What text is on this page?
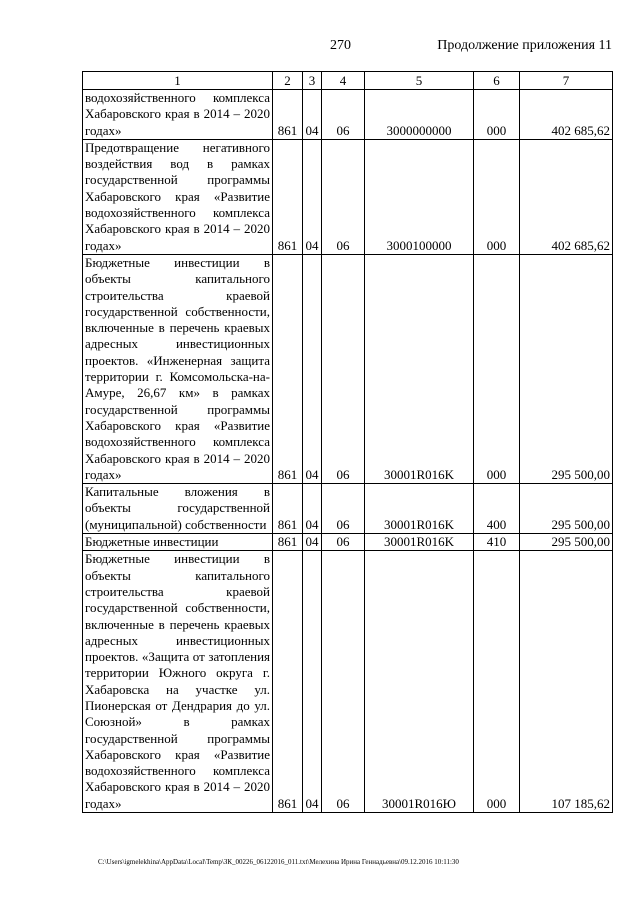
270	Продолжение приложения 11
1	2	3	4	5	6	7
водохозяйственного комплекса Хабаровского края в 2014 – 2020 годах»	861	04	06	3000000000	000	402 685,62
Предотвращение негативного воздействия вод в рамках государственной программы Хабаровского края «Развитие водохозяйственного комплекса Хабаровского края в 2014 – 2020 годах»	861	04	06	3000100000	000	402 685,62
Бюджетные инвестиции в объекты капитального строительства краевой государственной собственности, включенные в перечень краевых адресных инвестиционных проектов. «Инженерная защита территории г. Комсомольска-на-Амуре, 26,67 км» в рамках государственной программы Хабаровского края «Развитие водохозяйственного комплекса Хабаровского края в 2014 – 2020 годах»	861	04	06	30001R016K	000	295 500,00
Капитальные вложения в объекты государственной (муниципальной) собственности	861	04	06	30001R016K	400	295 500,00
Бюджетные инвестиции	861	04	06	30001R016K	410	295 500,00
Бюджетные инвестиции в объекты капитального строительства краевой государственной собственности, включенные в перечень краевых адресных инвестиционных проектов. «Защита от затопления территории Южного округа г. Хабаровска на участке ул. Пионерская от Дендрария до ул. Союзной» в рамках государственной программы Хабаровского края «Развитие водохозяйственного комплекса Хабаровского края в 2014 – 2020 годах»	861	04	06	30001R016Ю	000	107 185,62
C:\Users\igmelekhina\AppData\Local\Temp\ЗК_00226_06122016_011.txt\Мелехина Ирина Геннадьевна\09.12.2016 10:11:30
